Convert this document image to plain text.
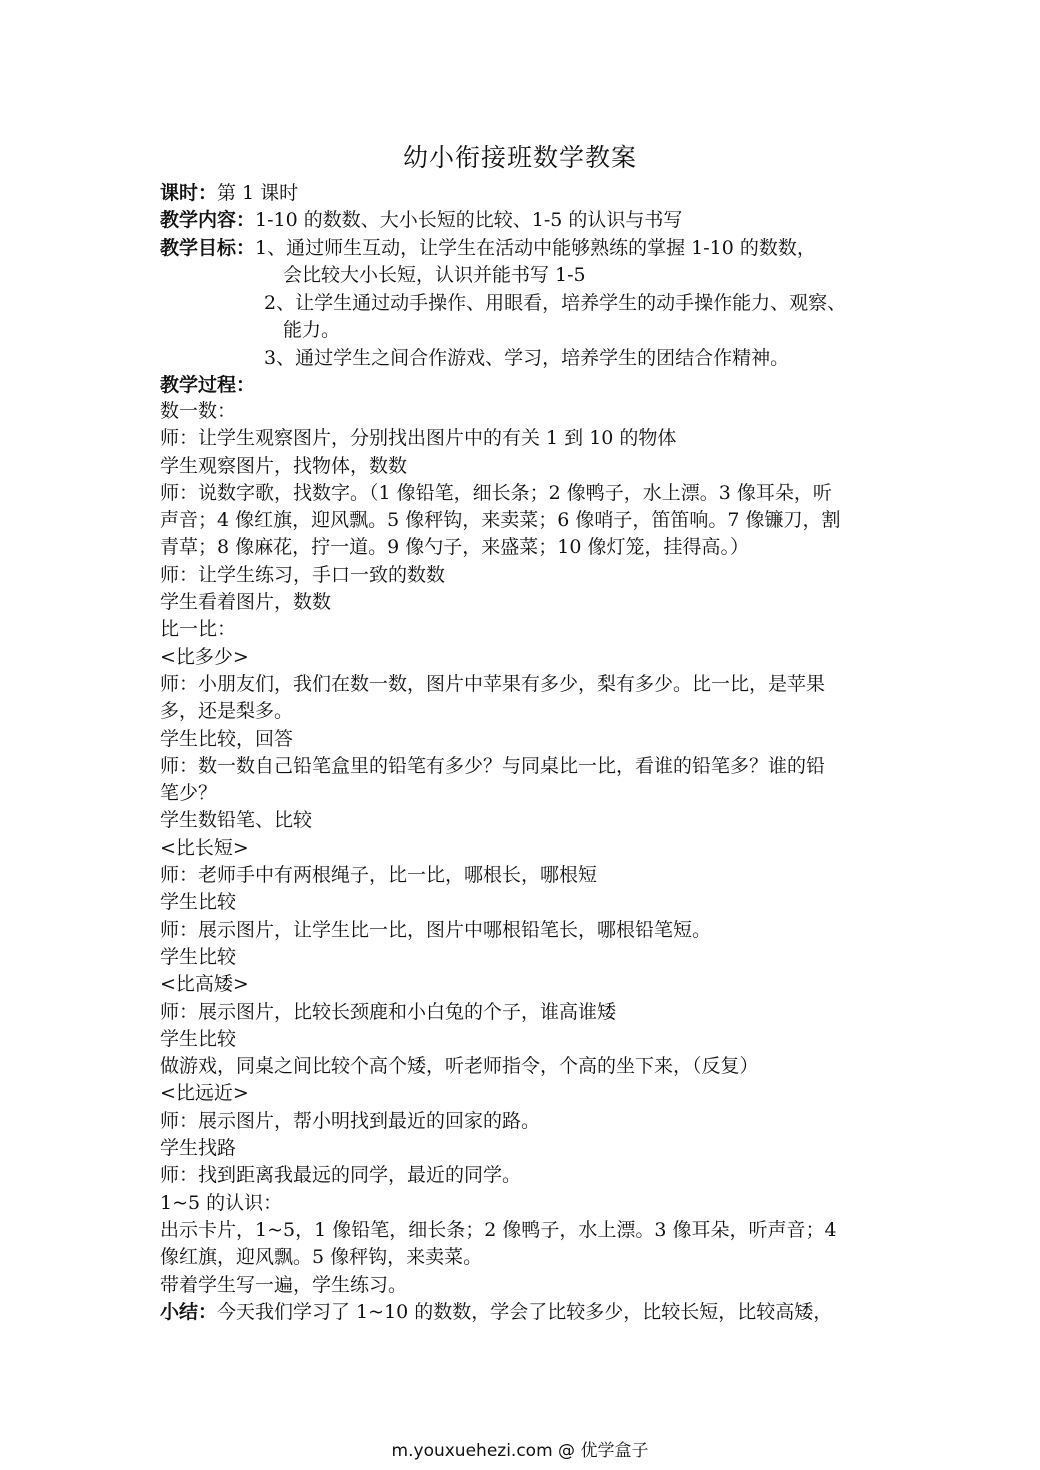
幼小衔接班数学教案
课时：第 1 课时
教学内容：1-10 的数数、大小长短的比较、1-5 的认识与书写
教学目标：1、通过师生互动，让学生在活动中能够熟练的掌握 1-10 的数数，
会比较大小长短，认识并能书写 1-5
2、让学生通过动手操作、用眼看，培养学生的动手操作能力、观察、
能力。
3、通过学生之间合作游戏、学习，培养学生的团结合作精神。
教学过程：

数一数：

师：让学生观察图片，分别找出图片中的有关 1 到 10 的物体

学生观察图片，找物体，数数

师：说数字歌，找数字。（1 像铅笔，细长条；2 像鸭子，水上漂。3 像耳朵，听

声音；4 像红旗，迎风飘。5 像秤钩，来卖菜；6 像哨子，笛笛响。7 像镰刀，割

青草；8 像麻花，拧一道。9 像勺子，来盛菜；10 像灯笼，挂得高。）

师：让学生练习，手口一致的数数

学生看着图片，数数

比一比：

<比多少>

师：小朋友们，我们在数一数，图片中苹果有多少，梨有多少。比一比，是苹果

多，还是梨多。

学生比较，回答

师：数一数自己铅笔盒里的铅笔有多少？与同桌比一比，看谁的铅笔多？谁的铅

笔少？

学生数铅笔、比较

<比长短>

师：老师手中有两根绳子，比一比，哪根长，哪根短

学生比较

师：展示图片，让学生比一比，图片中哪根铅笔长，哪根铅笔短。

学生比较

<比高矮>

师：展示图片，比较长颈鹿和小白兔的个子，谁高谁矮

学生比较

做游戏，同桌之间比较个高个矮，听老师指令，个高的坐下来，（反复）

<比远近>

师：展示图片，帮小明找到最近的回家的路。

学生找路

师：找到距离我最远的同学，最近的同学。

1~5 的认识：

出示卡片，1~5，1 像铅笔，细长条；2 像鸭子，水上漂。3 像耳朵，听声音；4

像红旗，迎风飘。5 像秤钩，来卖菜。

带着学生写一遍，学生练习。

小结：今天我们学习了 1~10 的数数，学会了比较多少，比较长短，比较高矮，

m.youxuehezi.com @ 优学盒子
